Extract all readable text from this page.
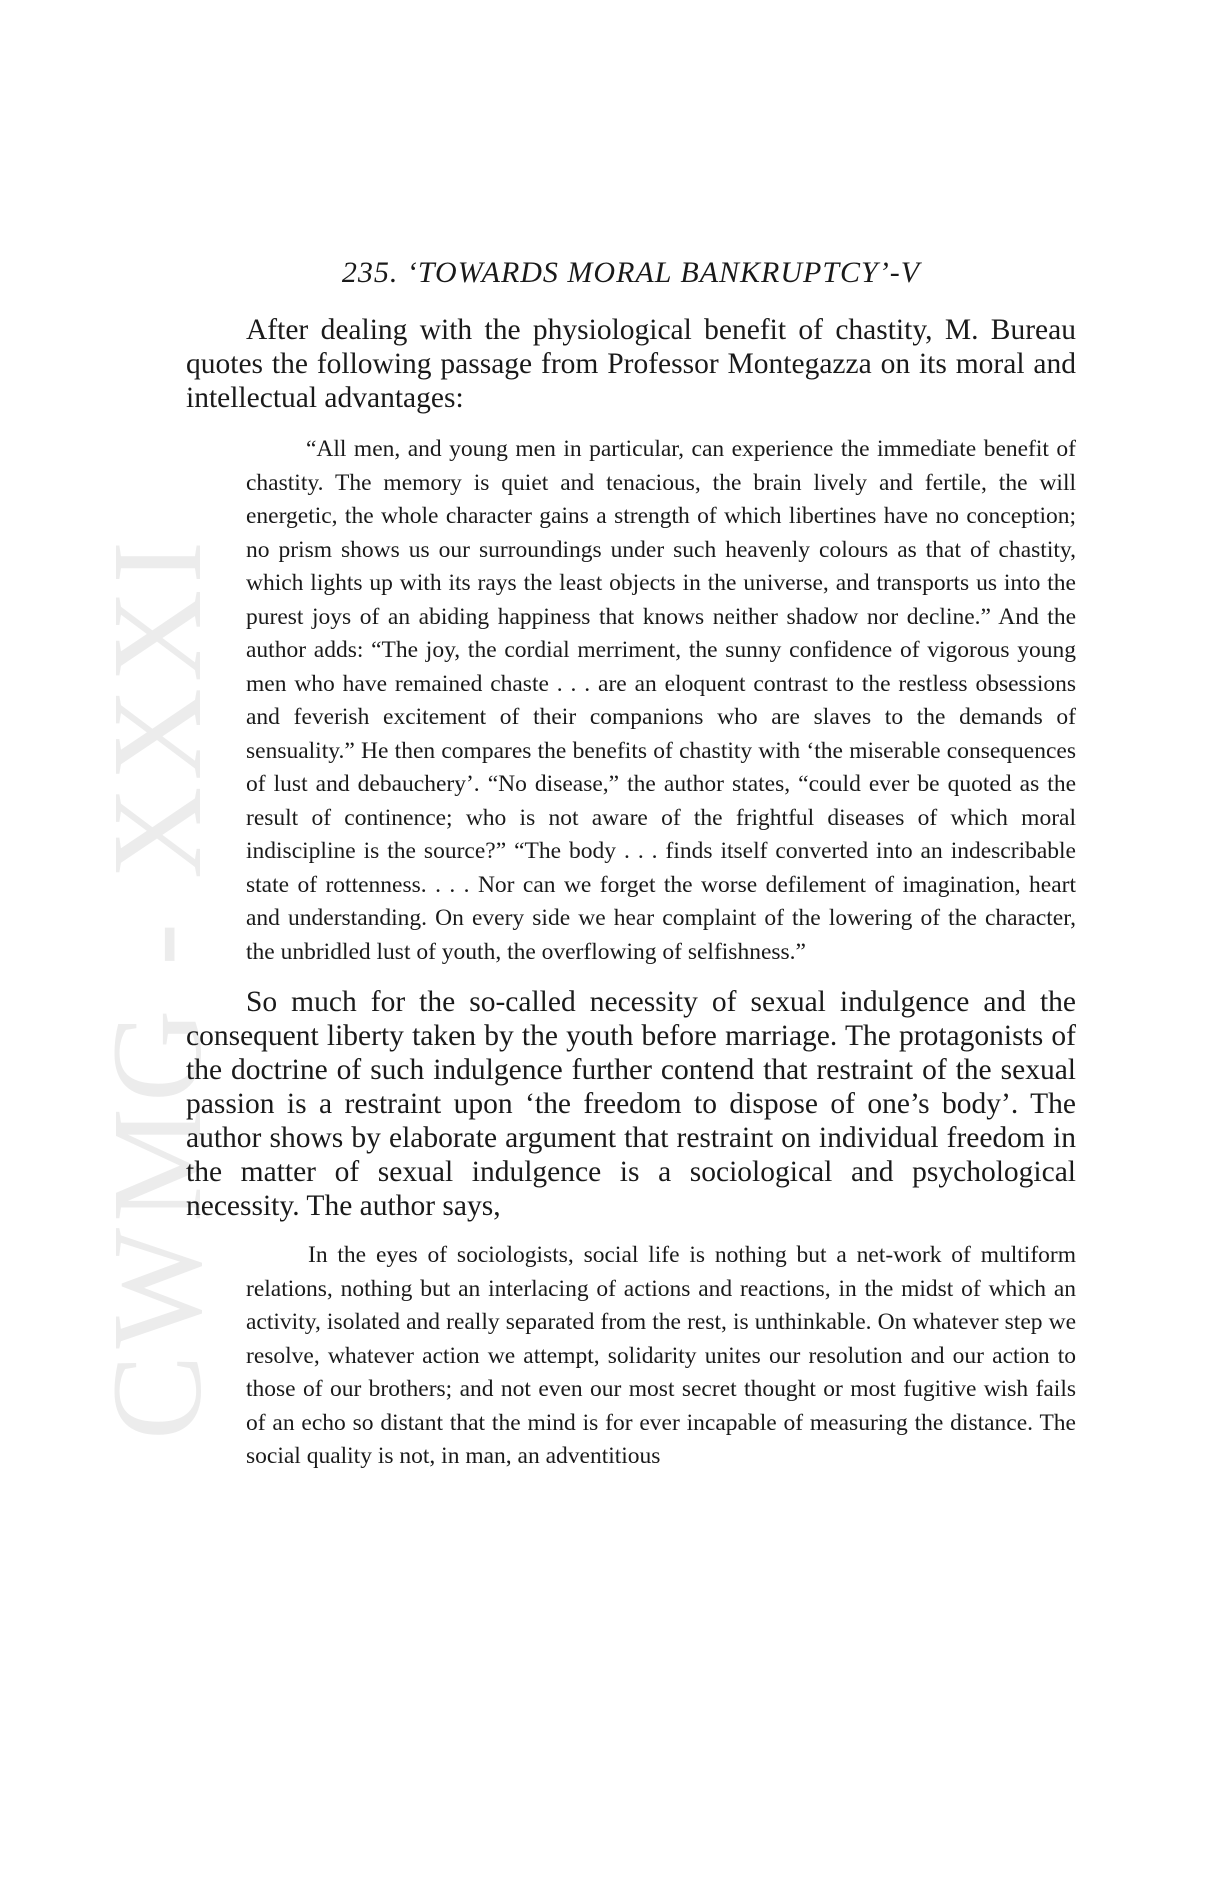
CWMG - XXXI
235. ‘TOWARDS MORAL BANKRUPTCY’-V

After dealing with the physiological benefit of chastity, M. Bureau quotes the following passage from Professor Montegazza on its moral and intellectual advantages:

“All men, and young men in particular, can experience the immediate benefit of chastity. The memory is quiet and tenacious, the brain lively and fertile, the will energetic, the whole character gains a strength of which libertines have no conception; no prism shows us our surroundings under such heavenly colours as that of chastity, which lights up with its rays the least objects in the universe, and transports us into the purest joys of an abiding happiness that knows neither shadow nor decline.” And the author adds: “The joy, the cordial merriment, the sunny confidence of vigorous young men who have remained chaste . . . are an eloquent contrast to the restless obsessions and feverish excitement of their companions who are slaves to the demands of sensuality.” He then compares the benefits of chastity with ‘the miserable consequences of lust and debauchery’. “No disease,” the author states, “could ever be quoted as the result of continence; who is not aware of the frightful diseases of which moral indiscipline is the source?” “The body . . . finds itself converted into an indescribable state of rottenness. . . . Nor can we forget the worse defilement of imagination, heart and understanding. On every side we hear complaint of the lowering of the character, the unbridled lust of youth, the overflowing of selfishness.”

So much for the so-called necessity of sexual indulgence and the consequent liberty taken by the youth before marriage. The protagonists of the doctrine of such indulgence further contend that restraint of the sexual passion is a restraint upon ‘the freedom to dispose of one’s body’. The author shows by elaborate argument that restraint on individual freedom in the matter of sexual indulgence is a sociological and psychological necessity. The author says,

In the eyes of sociologists, social life is nothing but a net-work of multiform relations, nothing but an interlacing of actions and reactions, in the midst of which an activity, isolated and really separated from the rest, is unthinkable. On whatever step we resolve, whatever action we attempt, solidarity unites our resolution and our action to those of our brothers; and not even our most secret thought or most fugitive wish fails of an echo so distant that the mind is for ever incapable of measuring the distance. The social quality is not, in man, an adventitious
